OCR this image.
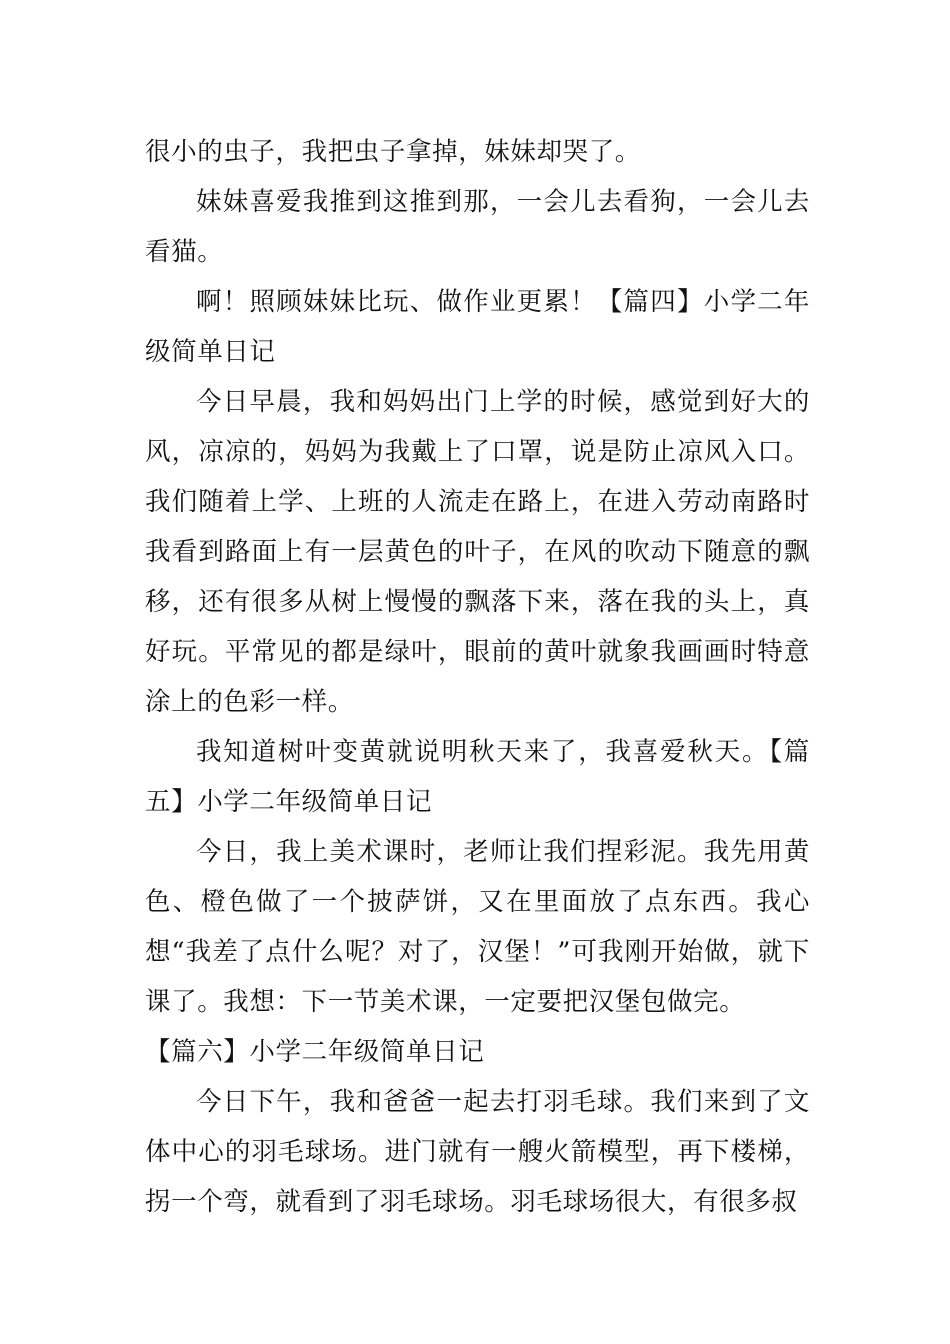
很小的虫子，我把虫子拿掉，妹妹却哭了。

妹妹喜爱我推到这推到那，一会儿去看狗，一会儿去看猫。

啊！照顾妹妹比玩、做作业更累！【篇四】小学二年级简单日记

今日早晨，我和妈妈出门上学的时候，感觉到好大的风，凉凉的，妈妈为我戴上了口罩，说是防止凉风入口。我们随着上学、上班的人流走在路上，在进入劳动南路时我看到路面上有一层黄色的叶子，在风的吹动下随意的飘移，还有很多从树上慢慢的飘落下来，落在我的头上，真好玩。平常见的都是绿叶，眼前的黄叶就象我画画时特意涂上的色彩一样。

我知道树叶变黄就说明秋天来了，我喜爱秋天。【篇五】小学二年级简单日记

今日，我上美术课时，老师让我们捏彩泥。我先用黄色、橙色做了一个披萨饼，又在里面放了点东西。我心想“我差了点什么呢？对了，汉堡！”可我刚开始做，就下课了。我想：下一节美术课，一定要把汉堡包做完。

【篇六】小学二年级简单日记

今日下午，我和爸爸一起去打羽毛球。我们来到了文体中心的羽毛球场。进门就有一艘火箭模型，再下楼梯，拐一个弯，就看到了羽毛球场。羽毛球场很大，有很多叔
